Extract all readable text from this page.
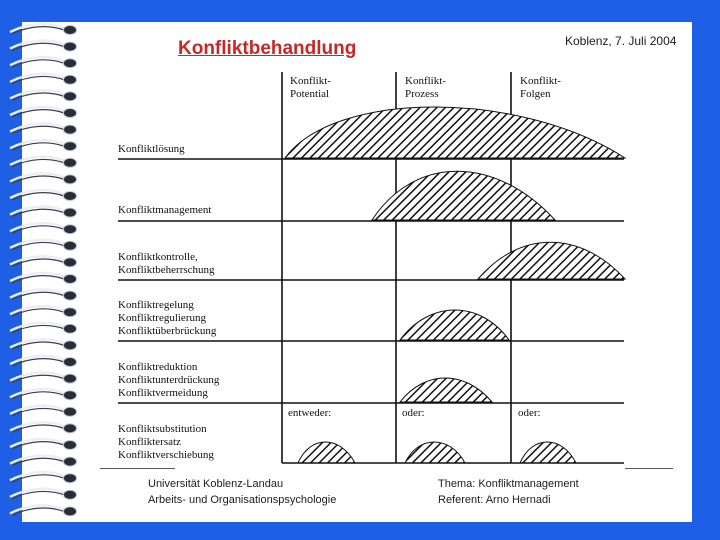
Konfliktbehandlung	Koblenz, 7. Juli 2004
Konflikt-
Potential
Konflikt-
Prozess
Konflikt-
Folgen
Konfliktlösung
Konfliktmanagement
Konfliktkontrolle,
Konfliktbeherrschung
Konfliktregelung
Konfliktregulierung
Konfliktüberbrückung
Konfliktreduktion
Konfliktunterdrückung
Konfliktvermeidung
Konfliktsubstitution
Konfliktersatz
Konfliktverschiebung
entweder:	oder:	oder:
Universität Koblenz-Landau
Arbeits- und Organisationspsychologie
Thema: Konfliktmanagement
Referent: Arno Hernadi
